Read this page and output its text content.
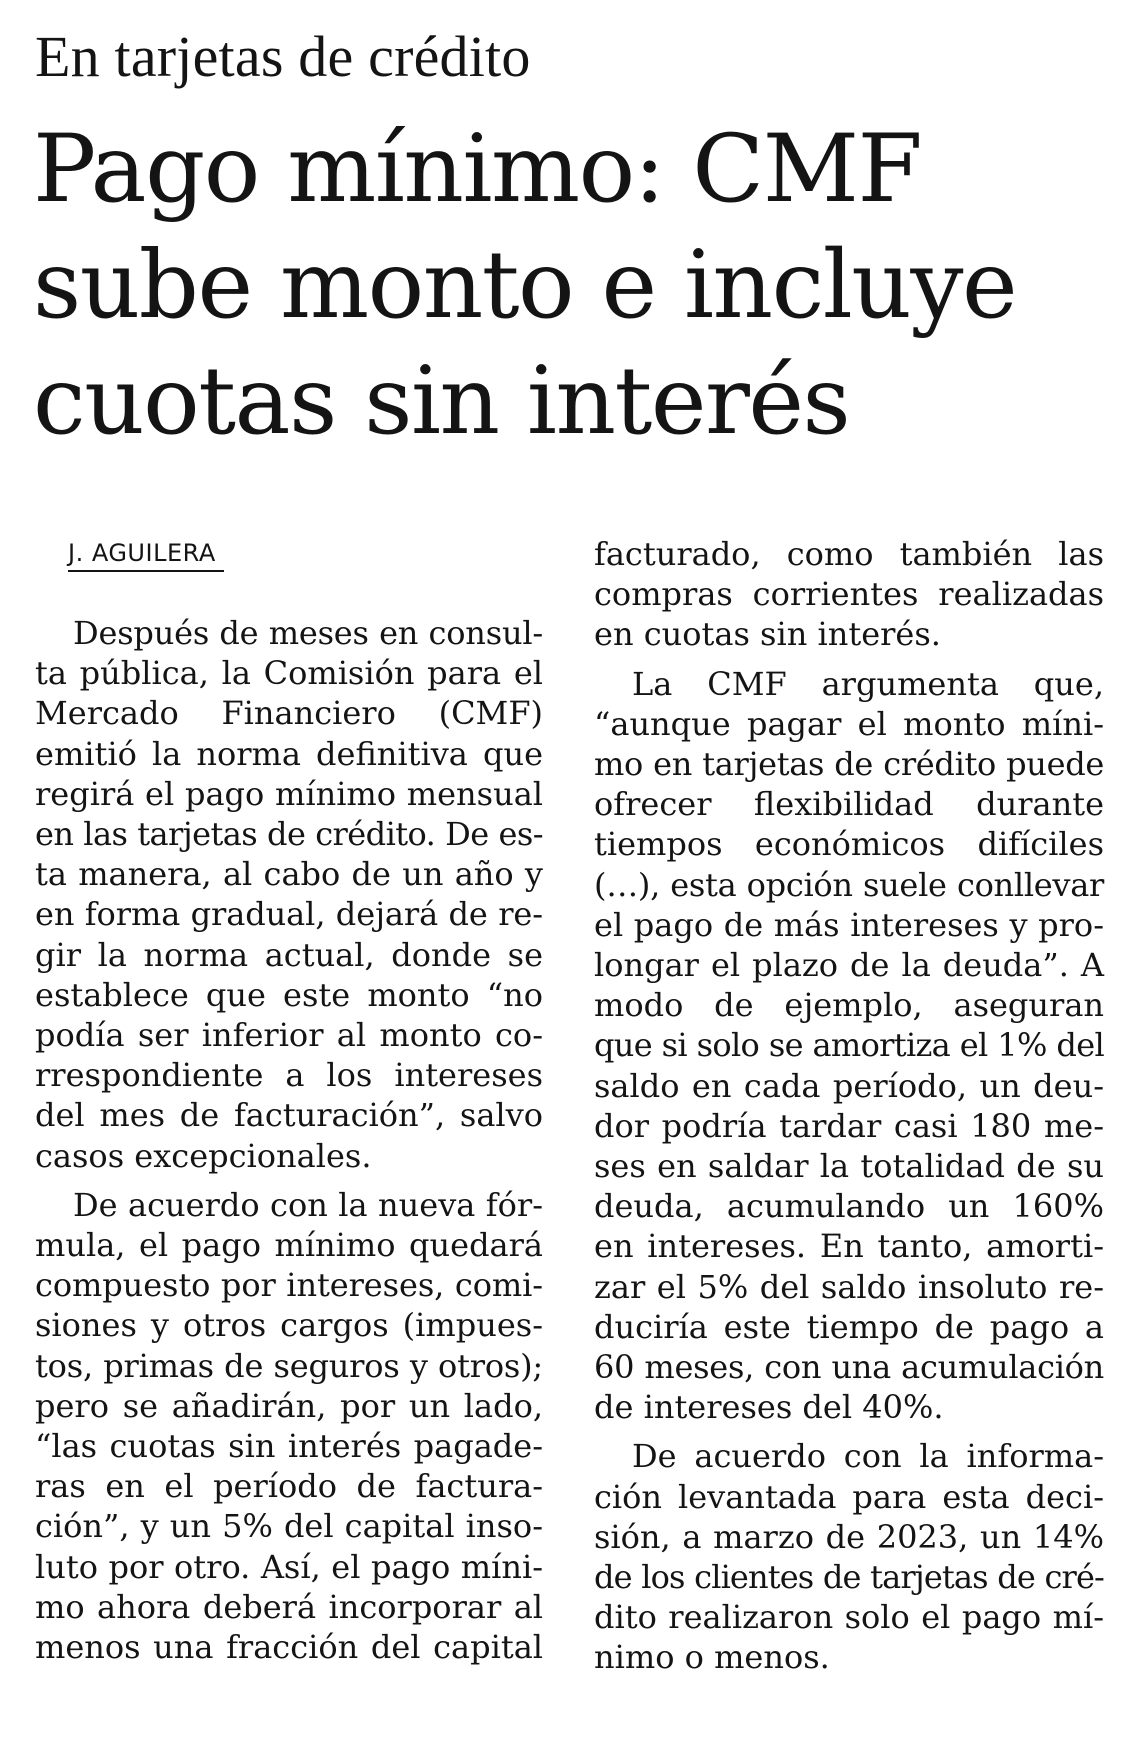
En tarjetas de crédito
Pago mínimo: CMF
sube monto e incluye
cuotas sin interés
J. AGUILERA
Después de meses en consul-
ta pública, la Comisión para el
Mercado Financiero (CMF)
emitió la norma definitiva que
regirá el pago mínimo mensual
en las tarjetas de crédito. De es-
ta manera, al cabo de un año y
en forma gradual, dejará de re-
gir la norma actual, donde se
establece que este monto “no
podía ser inferior al monto co-
rrespondiente a los intereses
del mes de facturación”, salvo
casos excepcionales.
De acuerdo con la nueva fór-
mula, el pago mínimo quedará
compuesto por intereses, comi-
siones y otros cargos (impues-
tos, primas de seguros y otros);
pero se añadirán, por un lado,
“las cuotas sin interés pagade-
ras en el período de factura-
ción”, y un 5% del capital inso-
luto por otro. Así, el pago míni-
mo ahora deberá incorporar al
menos una fracción del capital
facturado, como también las
compras corrientes realizadas
en cuotas sin interés.
La CMF argumenta que,
“aunque pagar el monto míni-
mo en tarjetas de crédito puede
ofrecer flexibilidad durante
tiempos económicos difíciles
(…), esta opción suele conllevar
el pago de más intereses y pro-
longar el plazo de la deuda”. A
modo de ejemplo, aseguran
que si solo se amortiza el 1% del
saldo en cada período, un deu-
dor podría tardar casi 180 me-
ses en saldar la totalidad de su
deuda, acumulando un 160%
en intereses. En tanto, amorti-
zar el 5% del saldo insoluto re-
duciría este tiempo de pago a
60 meses, con una acumulación
de intereses del 40%.
De acuerdo con la informa-
ción levantada para esta deci-
sión, a marzo de 2023, un 14%
de los clientes de tarjetas de cré-
dito realizaron solo el pago mí-
nimo o menos.
